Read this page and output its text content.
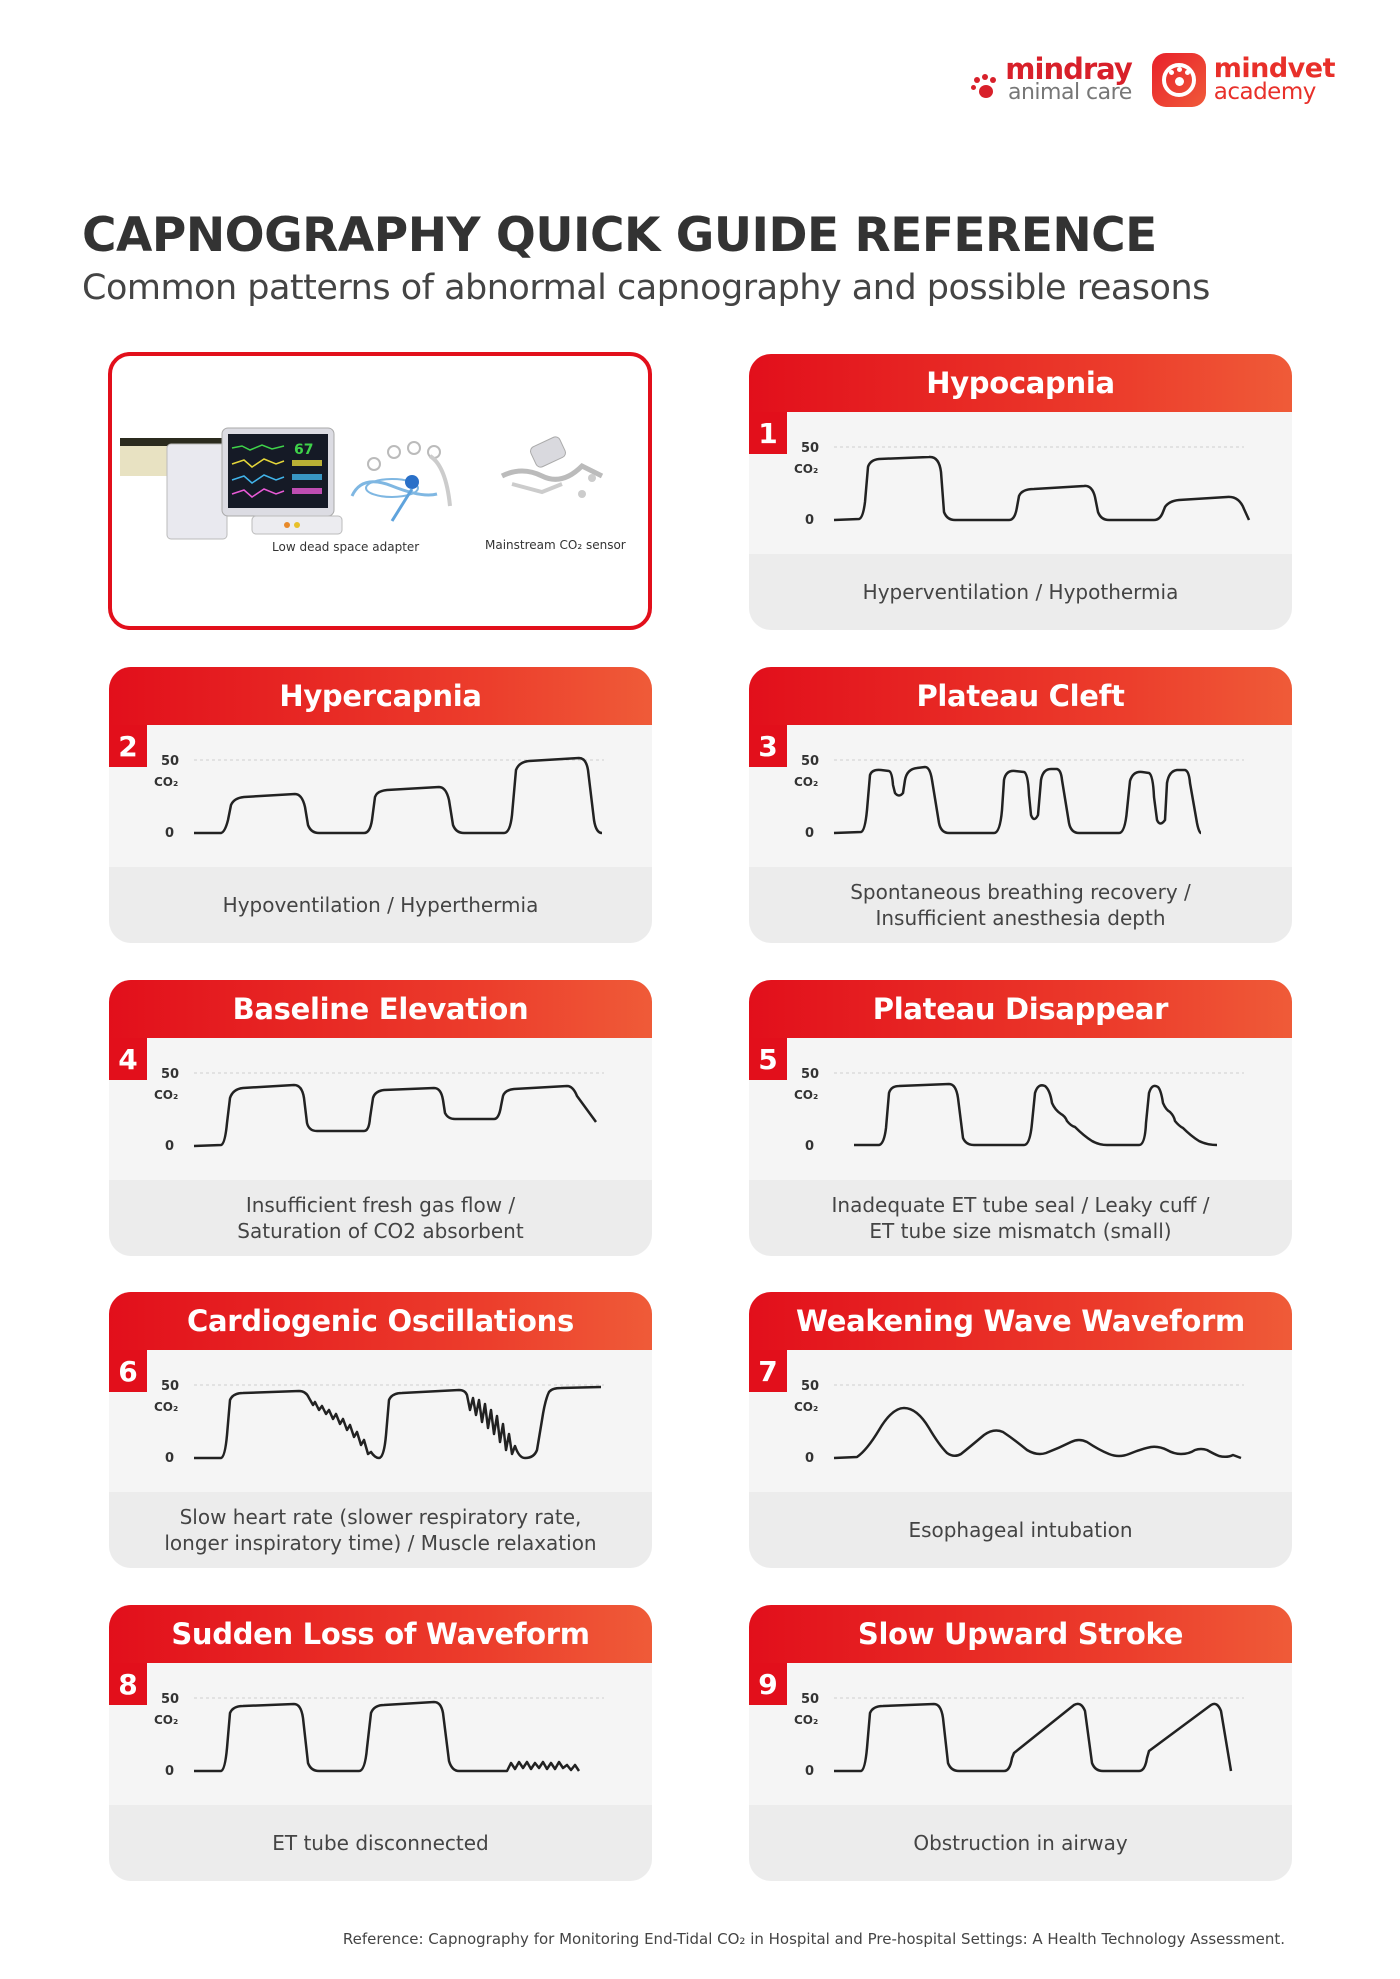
mindray
animal care
mindvet
academy
CAPNOGRAPHY QUICK GUIDE REFERENCE
Common patterns of abnormal capnography and possible reasons
67
Low dead space adapter	Mainstream CO₂ sensor
Hypocapnia
1	50
CO₂
0
Hyperventilation / Hypothermia
Hypercapnia
2	50
CO₂
0
Hypoventilation / Hyperthermia
Plateau Cleft
3	50
CO₂
0
Spontaneous breathing recovery /
Insufficient anesthesia depth
Baseline Elevation
4	50
CO₂
0
Insufficient fresh gas flow /
Saturation of CO2 absorbent
Plateau Disappear
5	50
CO₂
0
Inadequate ET tube seal / Leaky cuff /
ET tube size mismatch (small)
Cardiogenic Oscillations
6	50
CO₂
0
Slow heart rate (slower respiratory rate,
longer inspiratory time) / Muscle relaxation
Weakening Wave Waveform
7	50
CO₂
0
Esophageal intubation
Sudden Loss of Waveform
8	50
CO₂
0
ET tube disconnected
Slow Upward Stroke
9	50
CO₂
0
Obstruction in airway
Reference: Capnography for Monitoring End-Tidal CO₂ in Hospital and Pre-hospital Settings: A Health Technology Assessment.
